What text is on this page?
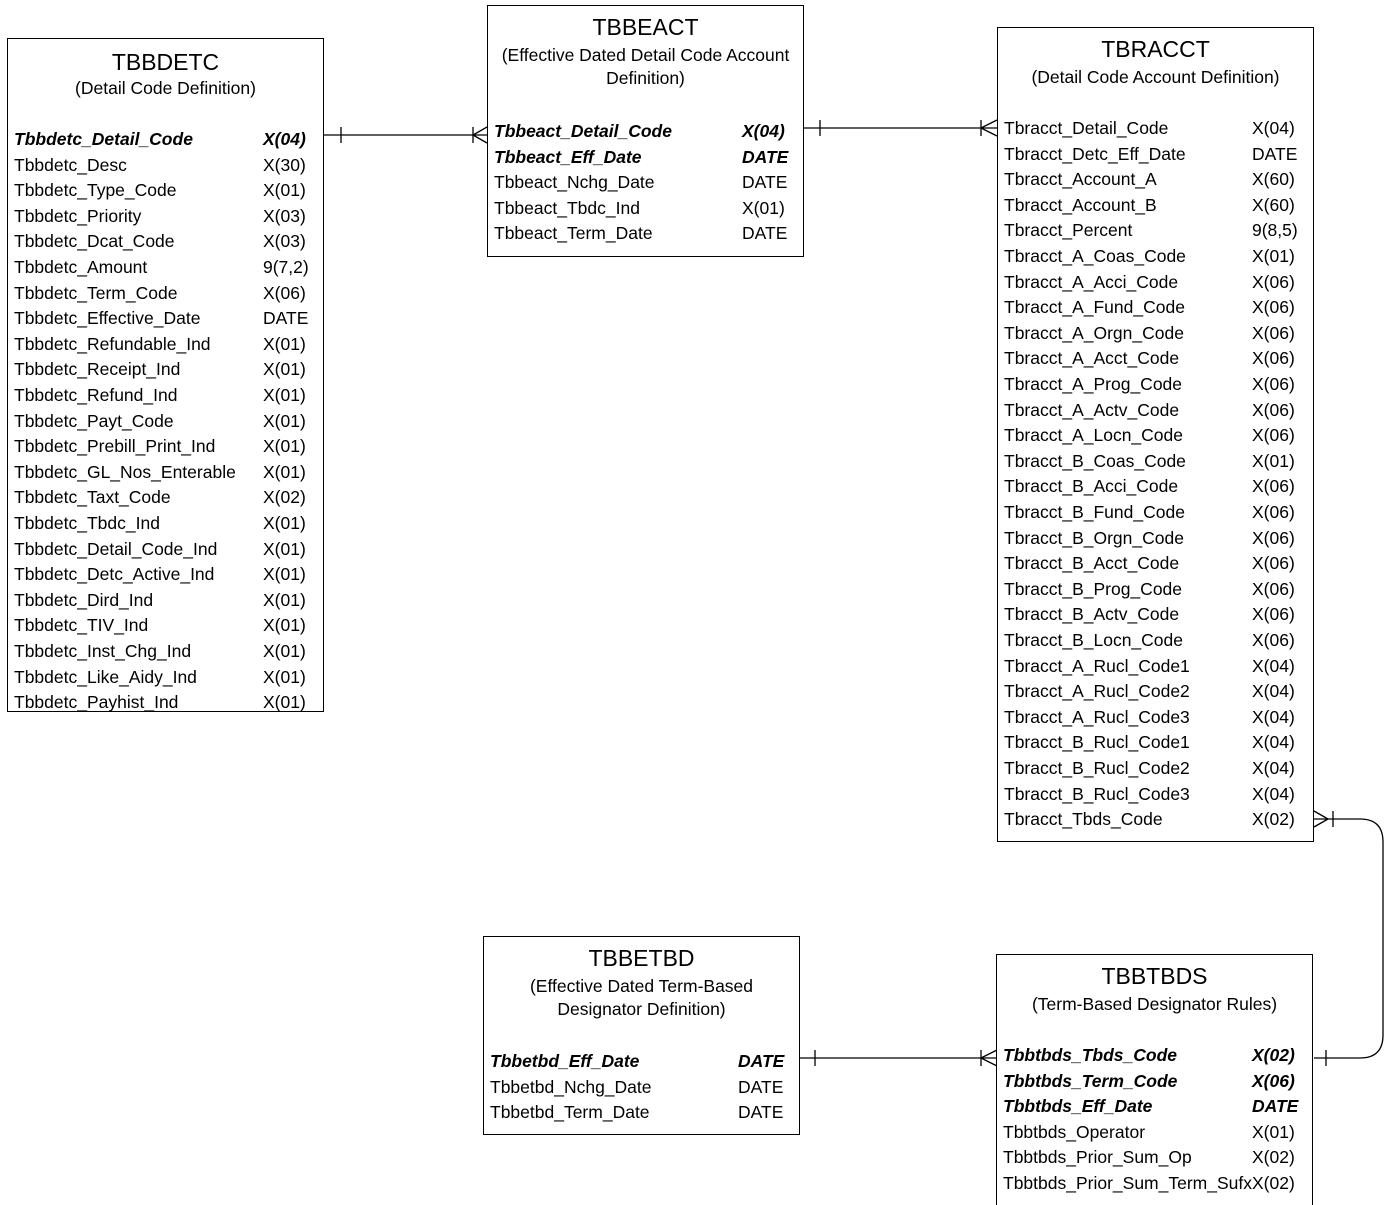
TBBDETC
(Detail Code Definition)
Tbbdetc_Detail_Code	X(04)
Tbbdetc_Desc	X(30)
Tbbdetc_Type_Code	X(01)
Tbbdetc_Priority	X(03)
Tbbdetc_Dcat_Code	X(03)
Tbbdetc_Amount	9(7,2)
Tbbdetc_Term_Code	X(06)
Tbbdetc_Effective_Date	DATE
Tbbdetc_Refundable_Ind	X(01)
Tbbdetc_Receipt_Ind	X(01)
Tbbdetc_Refund_Ind	X(01)
Tbbdetc_Payt_Code	X(01)
Tbbdetc_Prebill_Print_Ind	X(01)
Tbbdetc_GL_Nos_Enterable X(01)
Tbbdetc_Taxt_Code	X(02)
Tbbdetc_Tbdc_Ind	X(01)
Tbbdetc_Detail_Code_Ind	X(01)
Tbbdetc_Detc_Active_Ind	X(01)
Tbbdetc_Dird_Ind	X(01)
Tbbdetc_TIV_Ind	X(01)
Tbbdetc_Inst_Chg_Ind	X(01)
Tbbdetc_Like_Aidy_Ind	X(01)
Tbbdetc_Payhist_Ind	X(01)
TBBEACT
(Effective Dated Detail Code Account
Definition)
Tbbeact_Detail_Code	X(04)
Tbbeact_Eff_Date	DATE
Tbbeact_Nchg_Date	DATE
Tbbeact_Tbdc_Ind	X(01)
Tbbeact_Term_Date	DATE
TBRACCT
(Detail Code Account Definition)
Tbracct_Detail_Code	X(04)
Tbracct_Detc_Eff_Date	DATE
Tbracct_Account_A	X(60)
Tbracct_Account_B	X(60)
Tbracct_Percent	9(8,5)
Tbracct_A_Coas_Code	X(01)
Tbracct_A_Acci_Code	X(06)
Tbracct_A_Fund_Code	X(06)
Tbracct_A_Orgn_Code	X(06)
Tbracct_A_Acct_Code	X(06)
Tbracct_A_Prog_Code	X(06)
Tbracct_A_Actv_Code	X(06)
Tbracct_A_Locn_Code	X(06)
Tbracct_B_Coas_Code	X(01)
Tbracct_B_Acci_Code	X(06)
Tbracct_B_Fund_Code	X(06)
Tbracct_B_Orgn_Code	X(06)
Tbracct_B_Acct_Code	X(06)
Tbracct_B_Prog_Code	X(06)
Tbracct_B_Actv_Code	X(06)
Tbracct_B_Locn_Code	X(06)
Tbracct_A_Rucl_Code1	X(04)
Tbracct_A_Rucl_Code2	X(04)
Tbracct_A_Rucl_Code3	X(04)
Tbracct_B_Rucl_Code1	X(04)
Tbracct_B_Rucl_Code2	X(04)
Tbracct_B_Rucl_Code3	X(04)
Tbracct_Tbds_Code	X(02)
TBBETBD
(Effective Dated Term-Based
Designator Definition)
Tbbetbd_Eff_Date	DATE
Tbbetbd_Nchg_Date	DATE
Tbbetbd_Term_Date	DATE
TBBTBDS
(Term-Based Designator Rules)
Tbbtbds_Tbds_Code	X(02)
Tbbtbds_Term_Code	X(06)
Tbbtbds_Eff_Date	DATE
Tbbtbds_Operator	X(01)
Tbbtbds_Prior_Sum_Op	X(02)
Tbbtbds_Prior_Sum_Term_Sufx X(02)
